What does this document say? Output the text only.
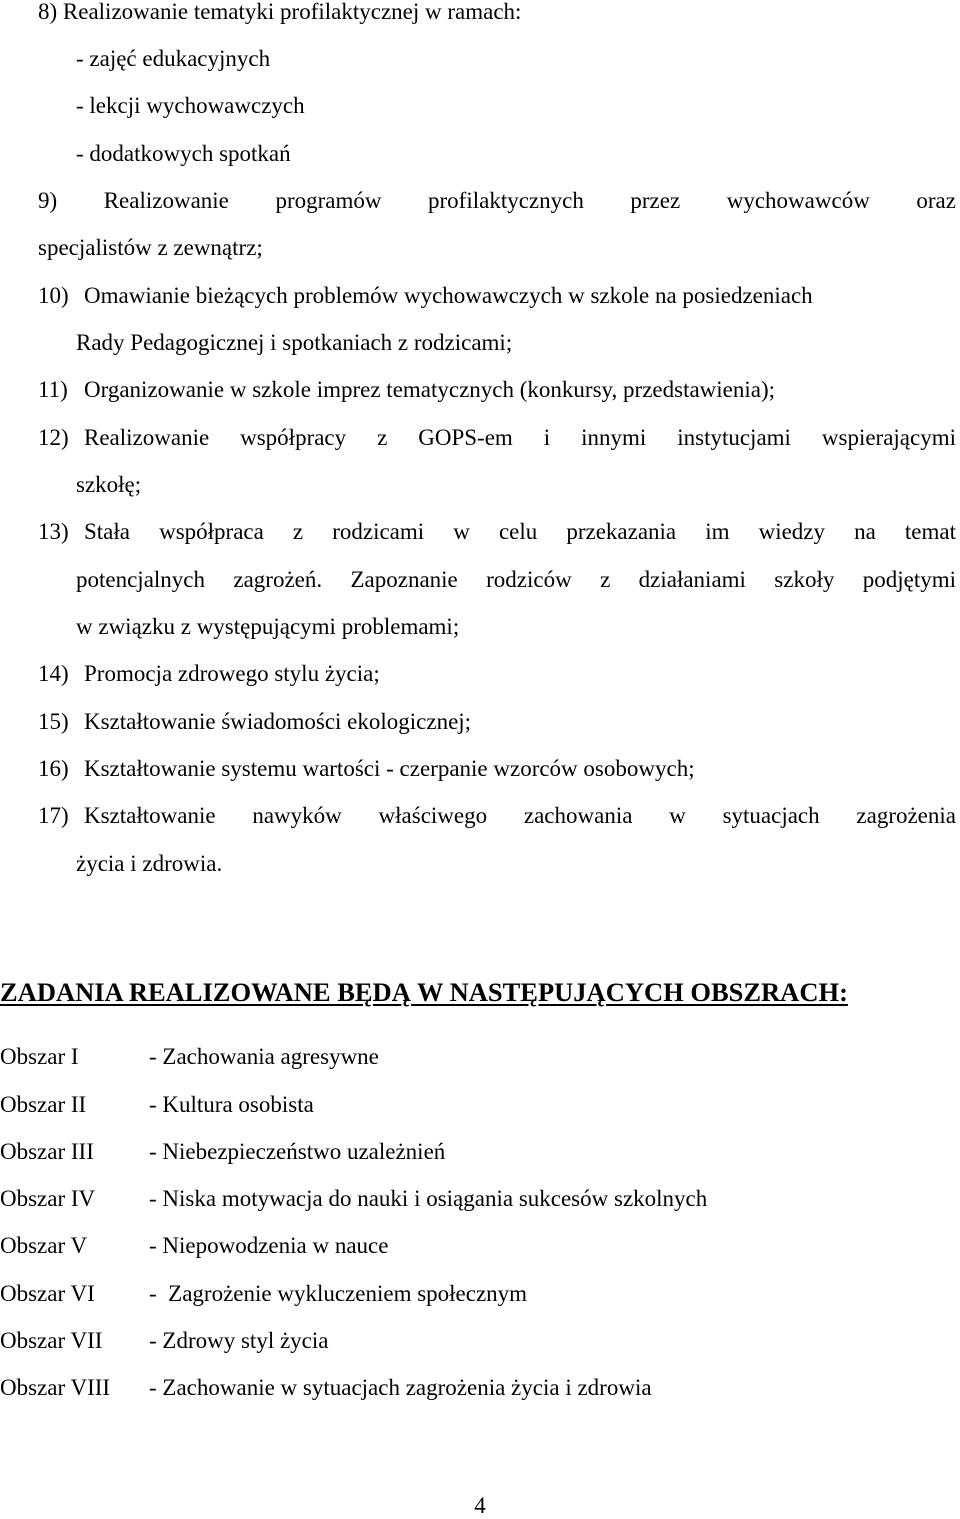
8) Realizowanie tematyki profilaktycznej w ramach:
- zajęć edukacyjnych
- lekcji wychowawczych
- dodatkowych spotkań
9) Realizowanie programów profilaktycznych przez wychowawców oraz
specjalistów z zewnątrz;
10) Omawianie bieżących problemów wychowawczych w szkole na posiedzeniach
Rady Pedagogicznej i spotkaniach z rodzicami;
11) Organizowanie w szkole imprez tematycznych (konkursy, przedstawienia);
12) Realizowanie współpracy z GOPS-em i innymi instytucjami wspierającymi
szkołę;
13) Stała współpraca z rodzicami w celu przekazania im wiedzy na temat
potencjalnych zagrożeń. Zapoznanie rodziców z działaniami szkoły podjętymi
w związku z występującymi problemami;
14) Promocja zdrowego stylu życia;
15) Kształtowanie świadomości ekologicznej;
16) Kształtowanie systemu wartości - czerpanie wzorców osobowych;
17) Kształtowanie nawyków właściwego zachowania w sytuacjach zagrożenia
życia i zdrowia.
ZADANIA REALIZOWANE BĘDĄ W NASTĘPUJĄCYCH OBSZRACH:
Obszar I	- Zachowania agresywne
Obszar II	- Kultura osobista
Obszar III - Niebezpieczeństwo uzależnień
Obszar IV - Niska motywacja do nauki i osiągania sukcesów szkolnych
Obszar V	- Niepowodzenia w nauce
Obszar VI -  Zagrożenie wykluczeniem społecznym
Obszar VII - Zdrowy styl życia
Obszar VIII - Zachowanie w sytuacjach zagrożenia życia i zdrowia
4
